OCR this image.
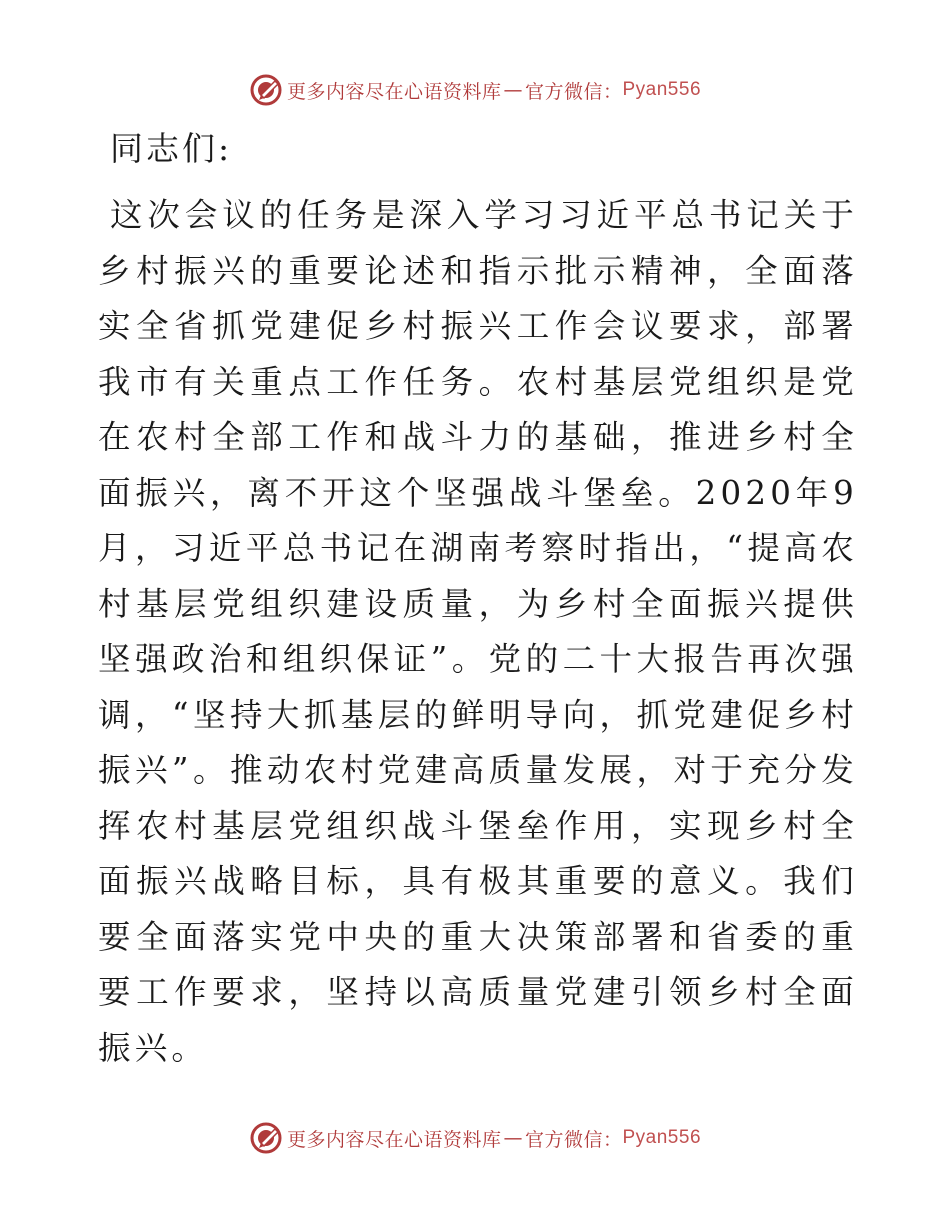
更多内容尽在心语资料库 — 官方微信： Pyan556

同志们:

这次会议的任务是深入学习习近平总书记关于乡村振兴的重要论述和指示批示精神，全面落实全省抓党建促乡村振兴工作会议要求，部署我市有关重点工作任务。农村基层党组织是党在农村全部工作和战斗力的基础，推进乡村全面振兴，离不开这个坚强战斗堡垒。2020年9月，习近平总书记在湖南考察时指出，“提高农村基层党组织建设质量，为乡村全面振兴提供坚强政治和组织保证”。党的二十大报告再次强调，“坚持大抓基层的鲜明导向，抓党建促乡村振兴”。推动农村党建高质量发展，对于充分发挥农村基层党组织战斗堡垒作用，实现乡村全面振兴战略目标，具有极其重要的意义。我们要全面落实党中央的重大决策部署和省委的重要工作要求，坚持以高质量党建引领乡村全面振兴。

更多内容尽在心语资料库 — 官方微信： Pyan556
